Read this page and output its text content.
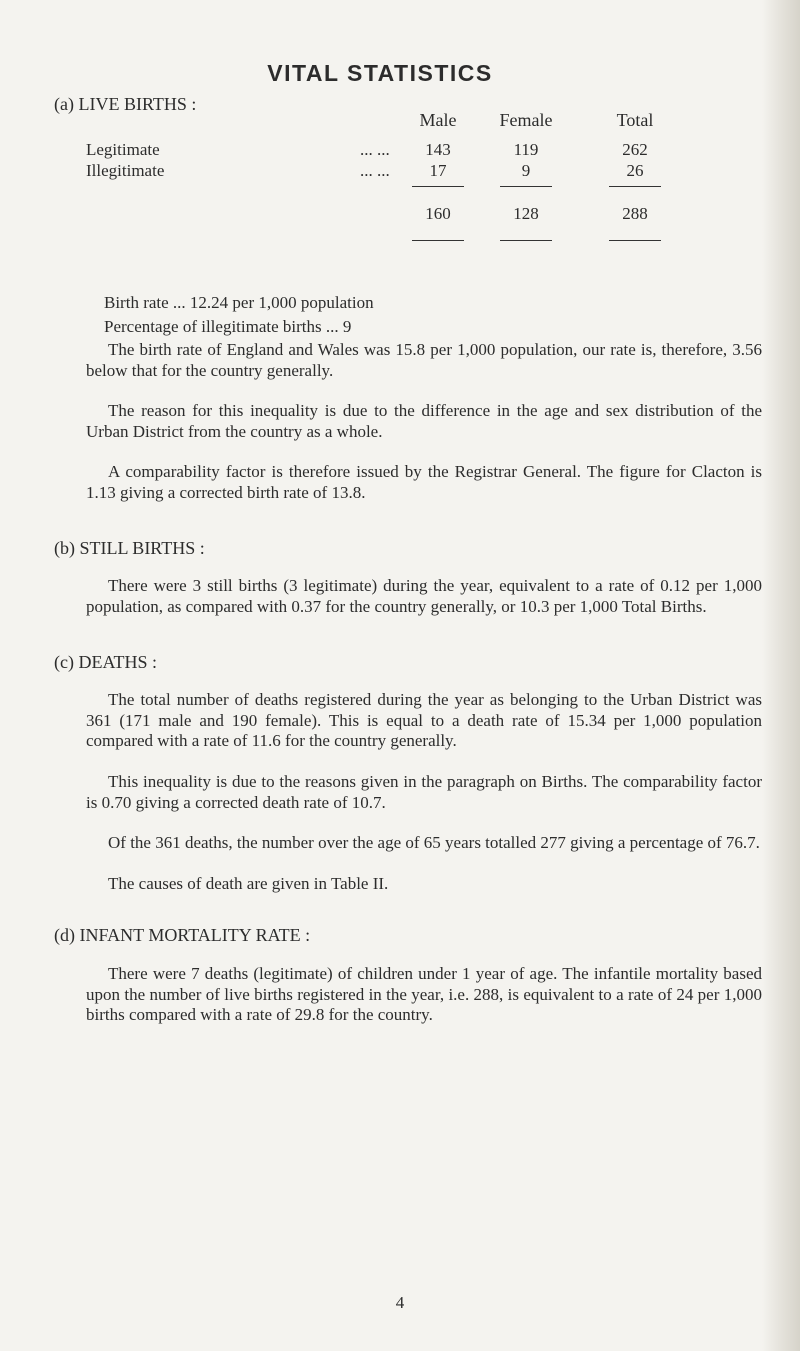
VITAL STATISTICS
(a) LIVE BIRTHS :
Male	Female	Total
Legitimate	... ...	143	119	262
Illegitimate	... ...	17	9	26
160	128	288
Birth rate ... 12.24 per 1,000 population
Percentage of illegitimate births ... 9
The birth rate of England and Wales was 15.8 per 1,000 population, our rate is, therefore, 3.56 below that for the country generally.
The reason for this inequality is due to the difference in the age and sex distribution of the Urban District from the country as a whole.
A comparability factor is therefore issued by the Registrar General. The figure for Clacton is 1.13 giving a corrected birth rate of 13.8.
(b) STILL BIRTHS :
There were 3 still births (3 legitimate) during the year, equivalent to a rate of 0.12 per 1,000 population, as compared with 0.37 for the country generally, or 10.3 per 1,000 Total Births.
(c) DEATHS :
The total number of deaths registered during the year as belonging to the Urban District was 361 (171 male and 190 female). This is equal to a death rate of 15.34 per 1,000 population compared with a rate of 11.6 for the country generally.
This inequality is due to the reasons given in the paragraph on Births. The comparability factor is 0.70 giving a corrected death rate of 10.7.
Of the 361 deaths, the number over the age of 65 years totalled 277 giving a percentage of 76.7.
The causes of death are given in Table II.
(d) INFANT MORTALITY RATE :
There were 7 deaths (legitimate) of children under 1 year of age. The infantile mortality based upon the number of live births registered in the year, i.e. 288, is equivalent to a rate of 24 per 1,000 births compared with a rate of 29.8 for the country.
4
